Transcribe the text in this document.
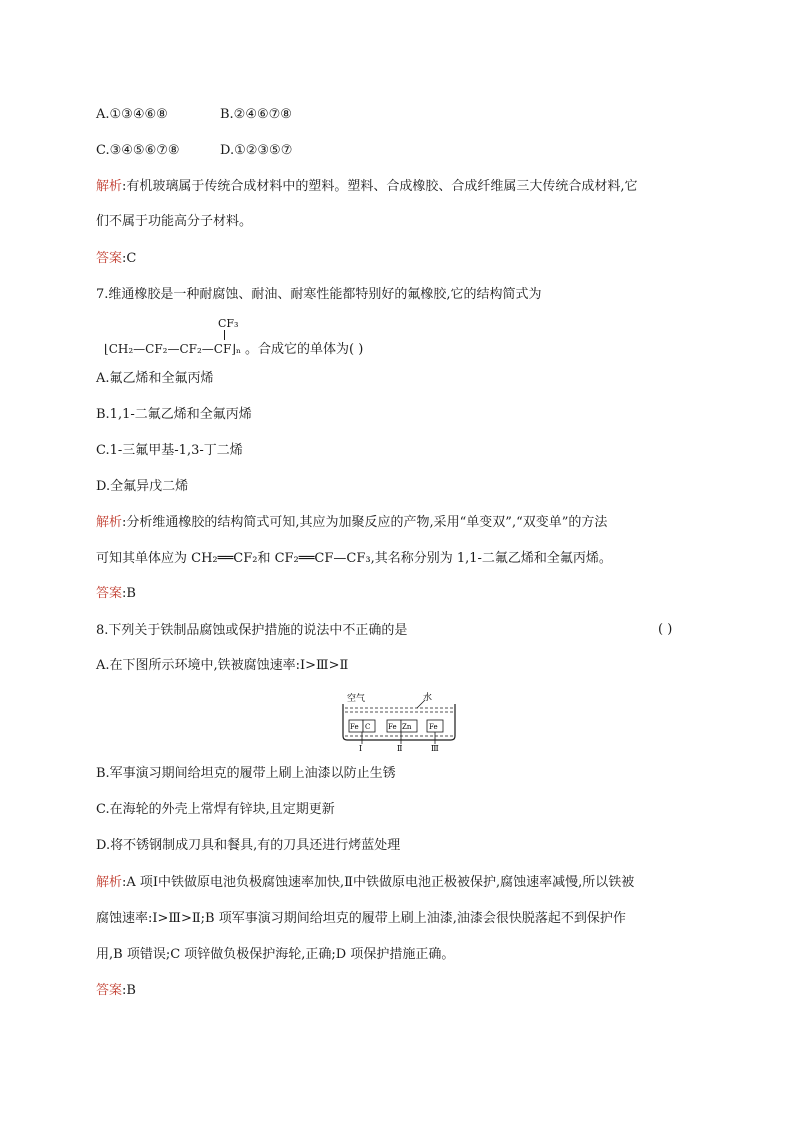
A.①③④⑥⑧	B.②④⑥⑦⑧
C.③④⑤⑥⑦⑧	D.①②③⑤⑦
解析:有机玻璃属于传统合成材料中的塑料。塑料、合成橡胶、合成纤维属三大传统合成材料,它
们不属于功能高分子材料。
答案:C
7.维通橡胶是一种耐腐蚀、耐油、耐寒性能都特别好的氟橡胶,它的结构简式为
CF₃
⌊CH₂—CF₂—CF₂—CF⌋ₙ 。合成它的单体为( )
A.氟乙烯和全氟丙烯
B.1,1-二氟乙烯和全氟丙烯
C.1-三氟甲基-1,3-丁二烯
D.全氟异戊二烯
解析:分析维通橡胶的结构简式可知,其应为加聚反应的产物,采用“单变双”,“双变单”的方法
可知其单体应为 CH₂══CF₂和 CF₂══CF—CF₃,其名称分别为 1,1-二氟乙烯和全氟丙烯。
答案:B
8.下列关于铁制品腐蚀或保护措施的说法中不正确的是	( )
A.在下图所示环境中,铁被腐蚀速率:Ⅰ>Ⅲ>Ⅱ
空气	水
Fe C	Fe Zn	Fe
Ⅰ	Ⅱ	Ⅲ
B.军事演习期间给坦克的履带上刷上油漆以防止生锈
C.在海轮的外壳上常焊有锌块,且定期更新
D.将不锈钢制成刀具和餐具,有的刀具还进行烤蓝处理
解析:A 项Ⅰ中铁做原电池负极腐蚀速率加快,Ⅱ中铁做原电池正极被保护,腐蚀速率减慢,所以铁被
腐蚀速率:Ⅰ>Ⅲ>Ⅱ;B 项军事演习期间给坦克的履带上刷上油漆,油漆会很快脱落起不到保护作
用,B 项错误;C 项锌做负极保护海轮,正确;D 项保护措施正确。
答案:B
